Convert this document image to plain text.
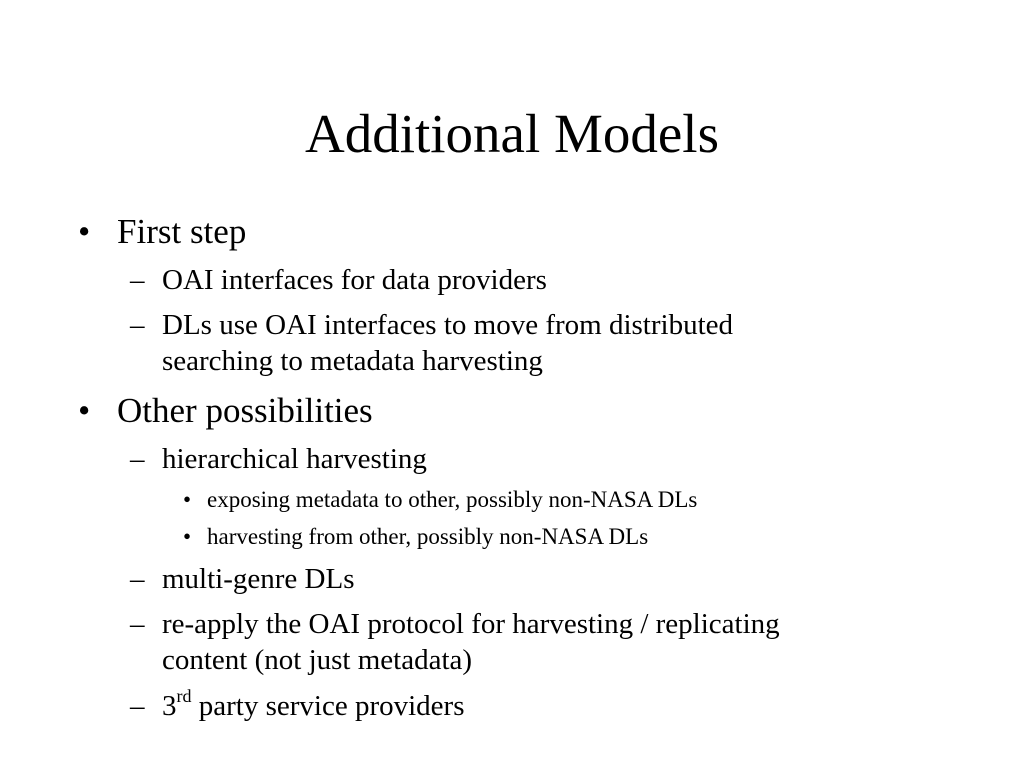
Additional Models
• First step
– OAI interfaces for data providers
– DLs use OAI interfaces to move from distributed
searching to metadata harvesting
• Other possibilities
– hierarchical harvesting
• exposing metadata to other, possibly non-NASA DLs
• harvesting from other, possibly non-NASA DLs
– multi-genre DLs
– re-apply the OAI protocol for harvesting / replicating
content (not just metadata)
– 3rd party service providers
